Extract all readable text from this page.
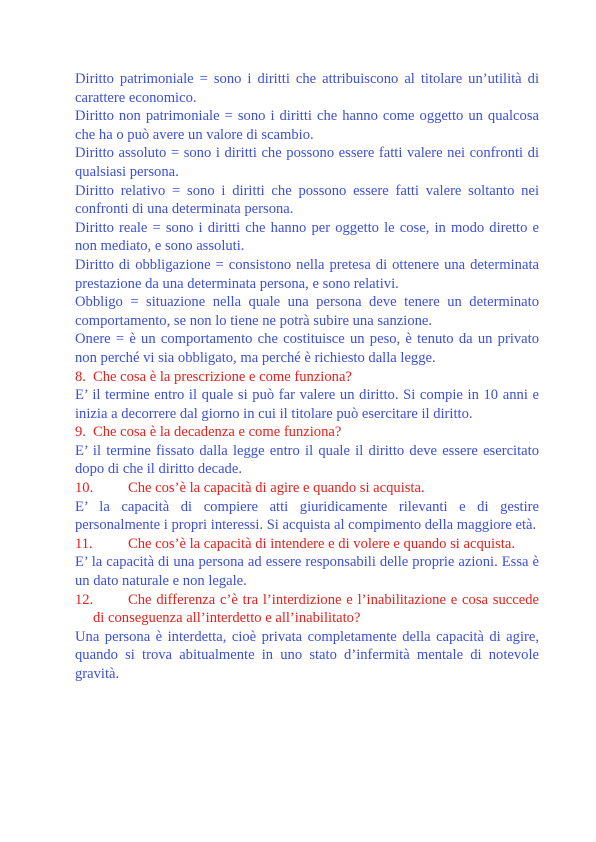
Diritto patrimoniale = sono i diritti che attribuiscono al titolare un’utilità di carattere economico.

Diritto non patrimoniale = sono i diritti che hanno come oggetto un qualcosa che ha o può avere un valore di scambio.

Diritto assoluto = sono i diritti che possono essere fatti valere nei confronti di qualsiasi persona.

Diritto relativo = sono i diritti che possono essere fatti valere soltanto nei confronti di una determinata persona.

Diritto reale = sono i diritti che hanno per oggetto le cose, in modo diretto e non mediato, e sono assoluti.

Diritto di obbligazione = consistono nella pretesa di ottenere una determinata prestazione da una determinata persona, e sono relativi.

Obbligo = situazione nella quale una persona deve tenere un determinato comportamento, se non lo tiene ne potrà subire una sanzione.

Onere = è un comportamento che costituisce un peso, è tenuto da un privato non perché vi sia obbligato, ma perché è richiesto dalla legge.

8. Che cosa è la prescrizione e come funziona?

E’ il termine entro il quale si può far valere un diritto. Si compie in 10 anni e inizia a decorrere dal giorno in cui il titolare può esercitare il diritto.

9. Che cosa è la decadenza e come funziona?

E’ il termine fissato dalla legge entro il quale il diritto deve essere esercitato dopo di che il diritto decade.

10.	Che cos’è la capacità di agire e quando si acquista.

E’ la capacità di compiere atti giuridicamente rilevanti e di gestire personalmente i propri interessi. Si acquista al compimento della maggiore età.

11. Che cos’è la capacità di intendere e di volere e quando si acquista.

E’ la capacità di una persona ad essere responsabili delle proprie azioni. Essa è un dato naturale e non legale.

12. Che differenza c’è tra l’interdizione e l’inabilitazione e cosa succede di conseguenza all’interdetto e all’inabilitato?

Una persona è interdetta, cioè privata completamente della capacità di agire, quando si trova abitualmente in uno stato d’infermità mentale di notevole gravità.
